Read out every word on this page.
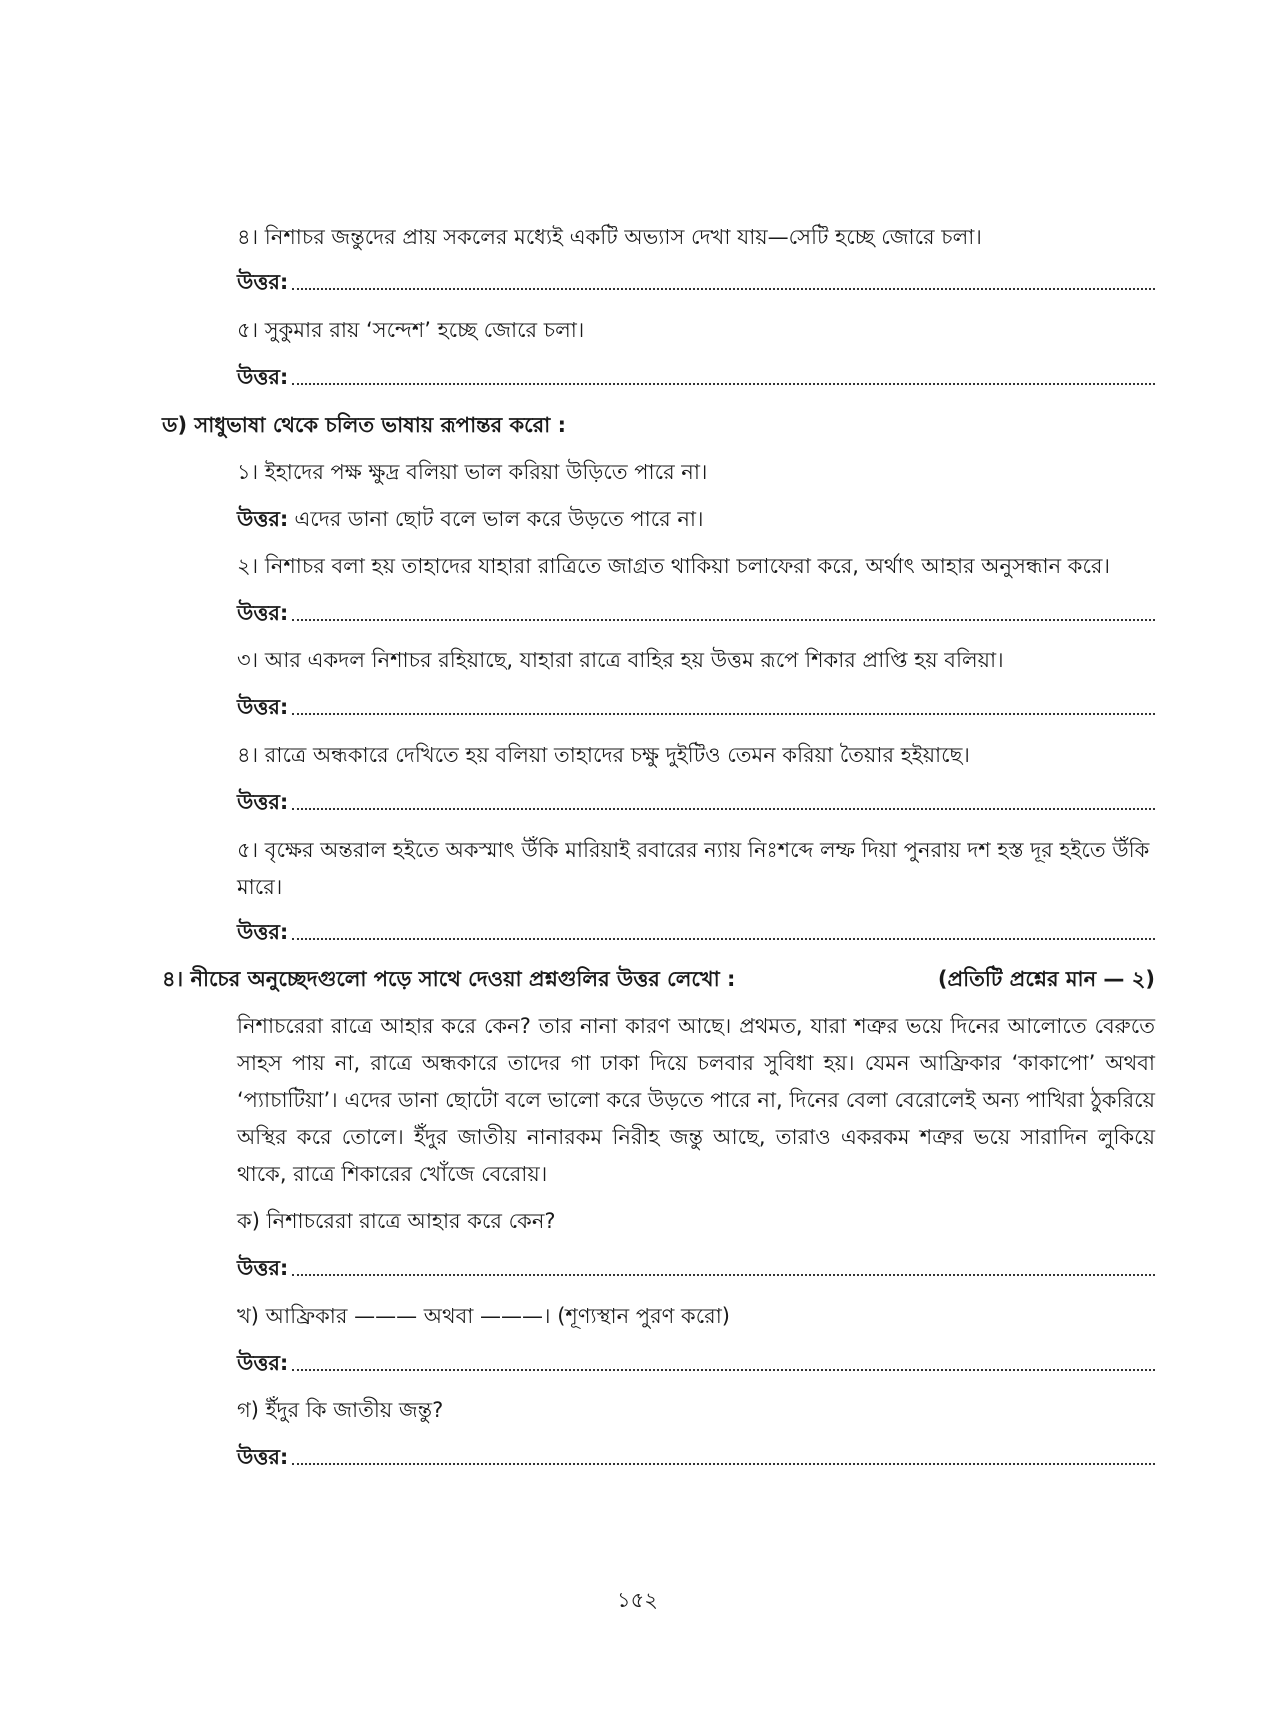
৪। নিশাচর জন্তুদের প্রায় সকলের মধ্যেই একটি অভ্যাস দেখা যায়—সেটি হচ্ছে জোরে চলা।
উত্তর:
৫। সুকুমার রায় ‘সন্দেশ’ হচ্ছে জোরে চলা।
উত্তর:
ড) সাধুভাষা থেকে চলিত ভাষায় রূপান্তর করো :
১। ইহাদের পক্ষ ক্ষুদ্র বলিয়া ভাল করিয়া উড়িতে পারে না।
উত্তর: এদের ডানা ছোট বলে ভাল করে উড়তে পারে না।
২। নিশাচর বলা হয় তাহাদের যাহারা রাত্রিতে জাগ্রত থাকিয়া চলাফেরা করে, অর্থাৎ আহার অনুসন্ধান করে।
উত্তর:
৩। আর একদল নিশাচর রহিয়াছে, যাহারা রাত্রে বাহির হয় উত্তম রূপে শিকার প্রাপ্তি হয় বলিয়া।
উত্তর:
৪। রাত্রে অন্ধকারে দেখিতে হয় বলিয়া তাহাদের চক্ষু দুইটিও তেমন করিয়া তৈয়ার হইয়াছে।
উত্তর:
৫। বৃক্ষের অন্তরাল হইতে অকস্মাৎ উঁকি মারিয়াই রবারের ন্যায় নিঃশব্দে লম্ফ দিয়া পুনরায় দশ হস্ত দূর হইতে উঁকি মারে।
উত্তর:
৪। নীচের অনুচ্ছেদগুলো পড়ে সাথে দেওয়া প্রশ্নগুলির উত্তর লেখো :	(প্রতিটি প্রশ্নের মান — ২)
নিশাচরেরা রাত্রে আহার করে কেন? তার নানা কারণ আছে। প্রথমত, যারা শত্রুর ভয়ে দিনের আলোতে বেরুতে সাহস পায় না, রাত্রে অন্ধকারে তাদের গা ঢাকা দিয়ে চলবার সুবিধা হয়। যেমন আফ্রিকার ‘কাকাপো’ অথবা ‘প্যাচাটিয়া’। এদের ডানা ছোটো বলে ভালো করে উড়তে পারে না, দিনের বেলা বেরোলেই অন্য পাখিরা ঠুকরিয়ে অস্থির করে তোলে। ইঁদুর জাতীয় নানারকম নিরীহ জন্তু আছে, তারাও একরকম শত্রুর ভয়ে সারাদিন লুকিয়ে থাকে, রাত্রে শিকারের খোঁজে বেরোয়।
ক) নিশাচরেরা রাত্রে আহার করে কেন?
উত্তর:
খ) আফ্রিকার ——— অথবা ———। (শূণ্যস্থান পুরণ করো)
উত্তর:
গ) ইঁদুর কি জাতীয় জন্তু?
উত্তর:
১৫২
